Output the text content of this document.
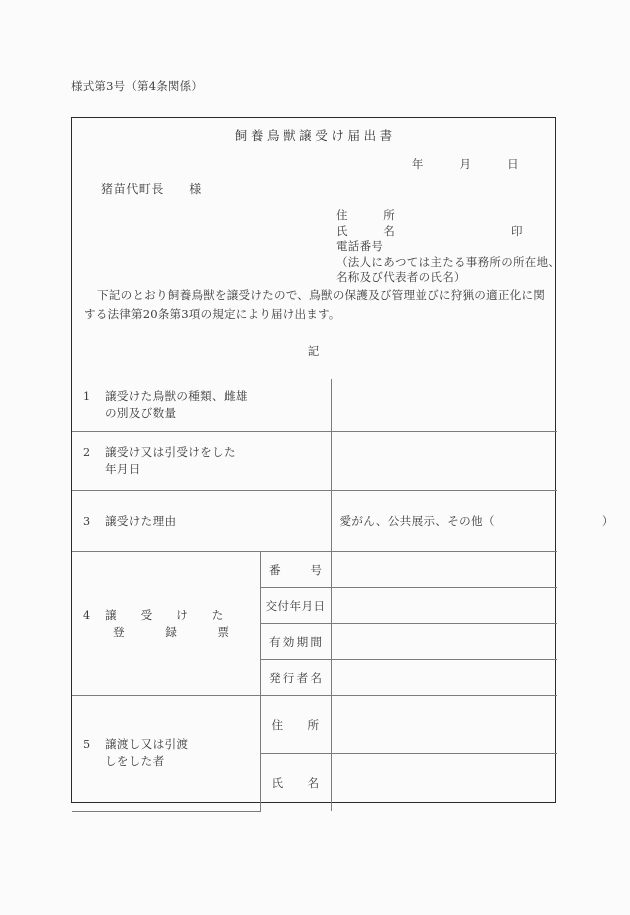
様式第3号（第4条関係）
飼養鳥獣譲受け届出書
年　　　月　　　日
猪苗代町長　　様
住　　　所
氏　　　名
電話番号
（法人にあつては主たる事務所の所在地、
名称及び代表者の氏名）
印
下記のとおり飼養鳥獣を譲受けたので、鳥獣の保護及び管理並びに狩猟の適正化に関する法律第20条第3項の規定により届け出ます。
記
1 譲受けた鳥獣の種類、雌雄
の別及び数量		

2 譲受け又は引受けをした
年月日		

3 譲受けた理由		愛がん、公共展示、その他（　　　　　　　　　）

4 譲　受　け　た
登　録　票	番　　号	

	交付年月日	

	有効期間	

	発行者名	

5 譲渡し又は引渡
しをした者	住　　所	

	氏　　名	
